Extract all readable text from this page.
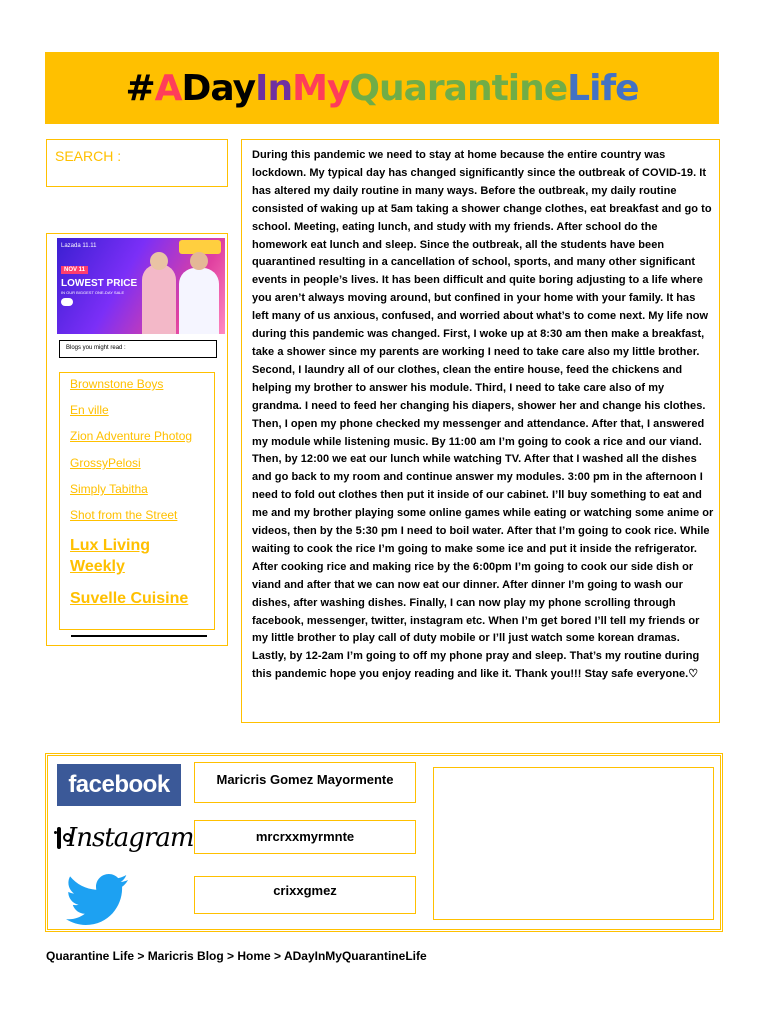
#ADayInMyQuarantineLife
SEARCH :
Lazada 11.11
NOV 11
LOWEST PRICE
IN OUR BIGGEST ONE-DAY SALE
Blogs you might read :
Brownstone Boys
En ville
Zion Adventure Photog
GrossyPelosi
Simply Tabitha
Shot from the Street
Lux Living Weekly
Suvelle Cuisine

During this pandemic we need to stay at home because the entire country was lockdown. My typical day has changed significantly since the outbreak of COVID-19. It has altered my daily routine in many ways. Before the outbreak, my daily routine consisted of waking up at 5am taking a shower change clothes, eat breakfast and go to school. Meeting, eating lunch, and study with my friends. After school do the homework eat lunch and sleep. Since the outbreak, all the students have been quarantined resulting in a cancellation of school, sports, and many other significant events in people’s lives. It has been difficult and quite boring adjusting to a life where you aren’t always moving around, but confined in your home with your family. It has left many of us anxious, confused, and worried about what’s to come next. My life now during this pandemic was changed. First, I woke up at 8:30 am then make a breakfast, take a shower since my parents are working I need to take care also my little brother. Second, I laundry all of our clothes, clean the entire house, feed the chickens and helping my brother to answer his module. Third, I need to take care also of my grandma. I need to feed her changing his diapers, shower her and change his clothes. Then, I open my phone checked my messenger and attendance. After that, I answered my module while listening music. By 11:00 am I’m going to cook a rice and our viand. Then, by 12:00 we eat our lunch while watching TV. After that I washed all the dishes and go back to my room and continue answer my modules. 3:00 pm in the afternoon I need to fold out clothes then put it inside of our cabinet. I’ll buy something to eat and me and my brother playing some online games while eating or watching some anime or videos, then by the 5:30 pm I need to boil water. After that I’m going to cook rice. While waiting to cook the rice I’m going to make some ice and put it inside the refrigerator. After cooking rice and making rice by the 6:00pm I’m going to cook our side dish or viand and after that we can now eat our dinner. After dinner I’m going to wash our dishes, after washing dishes. Finally, I can now play my phone scrolling through facebook, messenger, twitter, instagram etc. When I’m get bored I’ll tell my friends or my little brother to play call of duty mobile or I’ll just watch some korean dramas. Lastly, by 12-2am I’m going to off my phone pray and sleep. That’s my routine during this pandemic hope you enjoy reading and like it. Thank you!!! Stay safe everyone.♡

facebook
Instagram
Maricris Gomez Mayormente
mrcrxxmyrmnte
crixxgmez
Quarantine Life > Maricris Blog > Home > ADayInMyQuarantineLife
